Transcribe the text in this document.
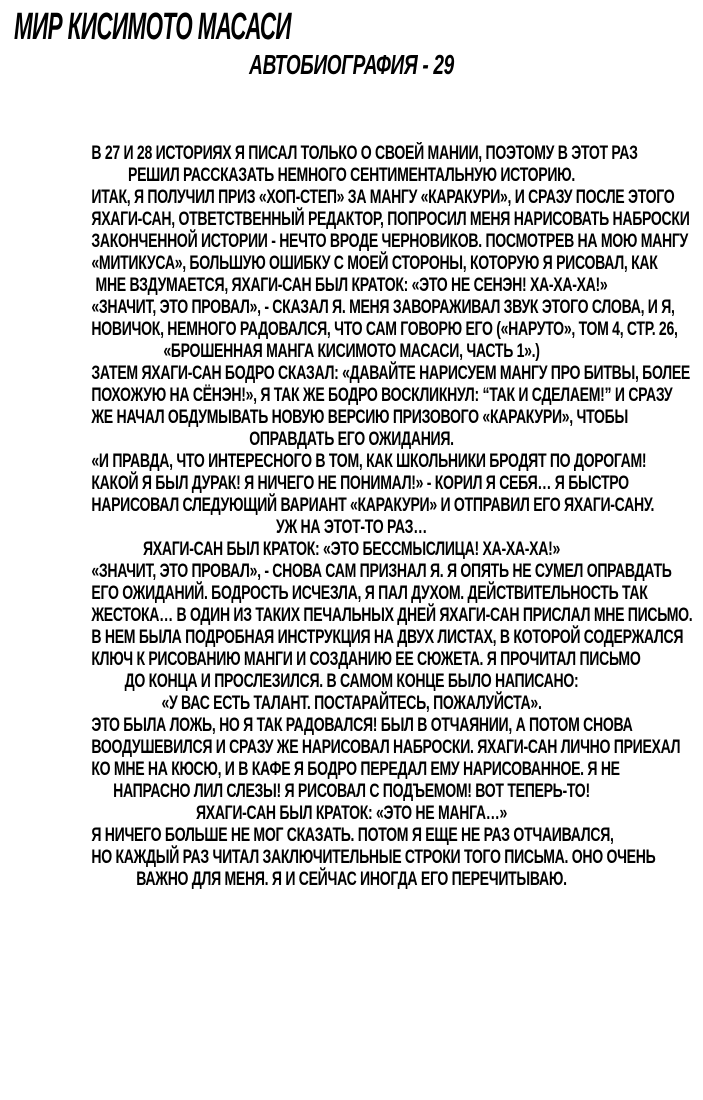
МИР КИСИМОТО МАСАСИ
АВТОБИОГРАФИЯ - 29
В 27 И 28 ИСТОРИЯХ Я ПИСАЛ ТОЛЬКО О СВОЕЙ МАНИИ, ПОЭТОМУ В ЭТОТ РАЗ
РЕШИЛ РАССКАЗАТЬ НЕМНОГО СЕНТИМЕНТАЛЬНУЮ ИСТОРИЮ.
ИТАК, Я ПОЛУЧИЛ ПРИЗ «ХОП-СТЕП» ЗА МАНГУ «КАРАКУРИ», И СРАЗУ ПОСЛЕ ЭТОГО
ЯХАГИ-САН, ОТВЕТСТВЕННЫЙ РЕДАКТОР, ПОПРОСИЛ МЕНЯ НАРИСОВАТЬ НАБРОСКИ
ЗАКОНЧЕННОЙ ИСТОРИИ - НЕЧТО ВРОДЕ ЧЕРНОВИКОВ. ПОСМОТРЕВ НА МОЮ МАНГУ
«МИТИКУСА», БОЛЬШУЮ ОШИБКУ С МОЕЙ СТОРОНЫ, КОТОРУЮ Я РИСОВАЛ, КАК
МНЕ ВЗДУМАЕТСЯ, ЯХАГИ-САН БЫЛ КРАТОК: «ЭТО НЕ СЕНЭН! ХА-ХА-ХА!»
«ЗНАЧИТ, ЭТО ПРОВАЛ», - СКАЗАЛ Я. МЕНЯ ЗАВОРАЖИВАЛ ЗВУК ЭТОГО СЛОВА, И Я,
НОВИЧОК, НЕМНОГО РАДОВАЛСЯ, ЧТО САМ ГОВОРЮ ЕГО («НАРУТО», ТОМ 4, СТР. 26,
«БРОШЕННАЯ МАНГА КИСИМОТО МАСАСИ, ЧАСТЬ 1».)
ЗАТЕМ ЯХАГИ-САН БОДРО СКАЗАЛ: «ДАВАЙТЕ НАРИСУЕМ МАНГУ ПРО БИТВЫ, БОЛЕЕ
ПОХОЖУЮ НА СЁНЭН!», Я ТАК ЖЕ БОДРО ВОСКЛИКНУЛ: “ТАК И СДЕЛАЕМ!” И СРАЗУ
ЖЕ НАЧАЛ ОБДУМЫВАТЬ НОВУЮ ВЕРСИЮ ПРИЗОВОГО «КАРАКУРИ», ЧТОБЫ
ОПРАВДАТЬ ЕГО ОЖИДАНИЯ.
«И ПРАВДА, ЧТО ИНТЕРЕСНОГО В ТОМ, КАК ШКОЛЬНИКИ БРОДЯТ ПО ДОРОГАМ!
КАКОЙ Я БЫЛ ДУРАК! Я НИЧЕГО НЕ ПОНИМАЛ!» - КОРИЛ Я СЕБЯ… Я БЫСТРО
НАРИСОВАЛ СЛЕДУЮЩИЙ ВАРИАНТ «КАРАКУРИ» И ОТПРАВИЛ ЕГО ЯХАГИ-САНУ.
УЖ НА ЭТОТ-ТО РАЗ…
ЯХАГИ-САН БЫЛ КРАТОК: «ЭТО БЕССМЫСЛИЦА! ХА-ХА-ХА!»
«ЗНАЧИТ, ЭТО ПРОВАЛ», - СНОВА САМ ПРИЗНАЛ Я. Я ОПЯТЬ НЕ СУМЕЛ ОПРАВДАТЬ
ЕГО ОЖИДАНИЙ. БОДРОСТЬ ИСЧЕЗЛА, Я ПАЛ ДУХОМ. ДЕЙСТВИТЕЛЬНОСТЬ ТАК
ЖЕСТОКА… В ОДИН ИЗ ТАКИХ ПЕЧАЛЬНЫХ ДНЕЙ ЯХАГИ-САН ПРИСЛАЛ МНЕ ПИСЬМО.
В НЕМ БЫЛА ПОДРОБНАЯ ИНСТРУКЦИЯ НА ДВУХ ЛИСТАХ, В КОТОРОЙ СОДЕРЖАЛСЯ
КЛЮЧ К РИСОВАНИЮ МАНГИ И СОЗДАНИЮ ЕЕ СЮЖЕТА. Я ПРОЧИТАЛ ПИСЬМО
ДО КОНЦА И ПРОСЛЕЗИЛСЯ. В САМОМ КОНЦЕ БЫЛО НАПИСАНО:
«У ВАС ЕСТЬ ТАЛАНТ. ПОСТАРАЙТЕСЬ, ПОЖАЛУЙСТА».
ЭТО БЫЛА ЛОЖЬ, НО Я ТАК РАДОВАЛСЯ! БЫЛ В ОТЧАЯНИИ, А ПОТОМ СНОВА
ВООДУШЕВИЛСЯ И СРАЗУ ЖЕ НАРИСОВАЛ НАБРОСКИ. ЯХАГИ-САН ЛИЧНО ПРИЕХАЛ
КО МНЕ НА КЮСЮ, И В КАФЕ Я БОДРО ПЕРЕДАЛ ЕМУ НАРИСОВАННОЕ. Я НЕ
НАПРАСНО ЛИЛ СЛЕЗЫ! Я РИСОВАЛ С ПОДЪЕМОМ! ВОТ ТЕПЕРЬ-ТО!
ЯХАГИ-САН БЫЛ КРАТОК: «ЭТО НЕ МАНГА…»
Я НИЧЕГО БОЛЬШЕ НЕ МОГ СКАЗАТЬ. ПОТОМ Я ЕЩЕ НЕ РАЗ ОТЧАИВАЛСЯ,
НО КАЖДЫЙ РАЗ ЧИТАЛ ЗАКЛЮЧИТЕЛЬНЫЕ СТРОКИ ТОГО ПИСЬМА. ОНО ОЧЕНЬ
ВАЖНО ДЛЯ МЕНЯ. Я И СЕЙЧАС ИНОГДА ЕГО ПЕРЕЧИТЫВАЮ.
